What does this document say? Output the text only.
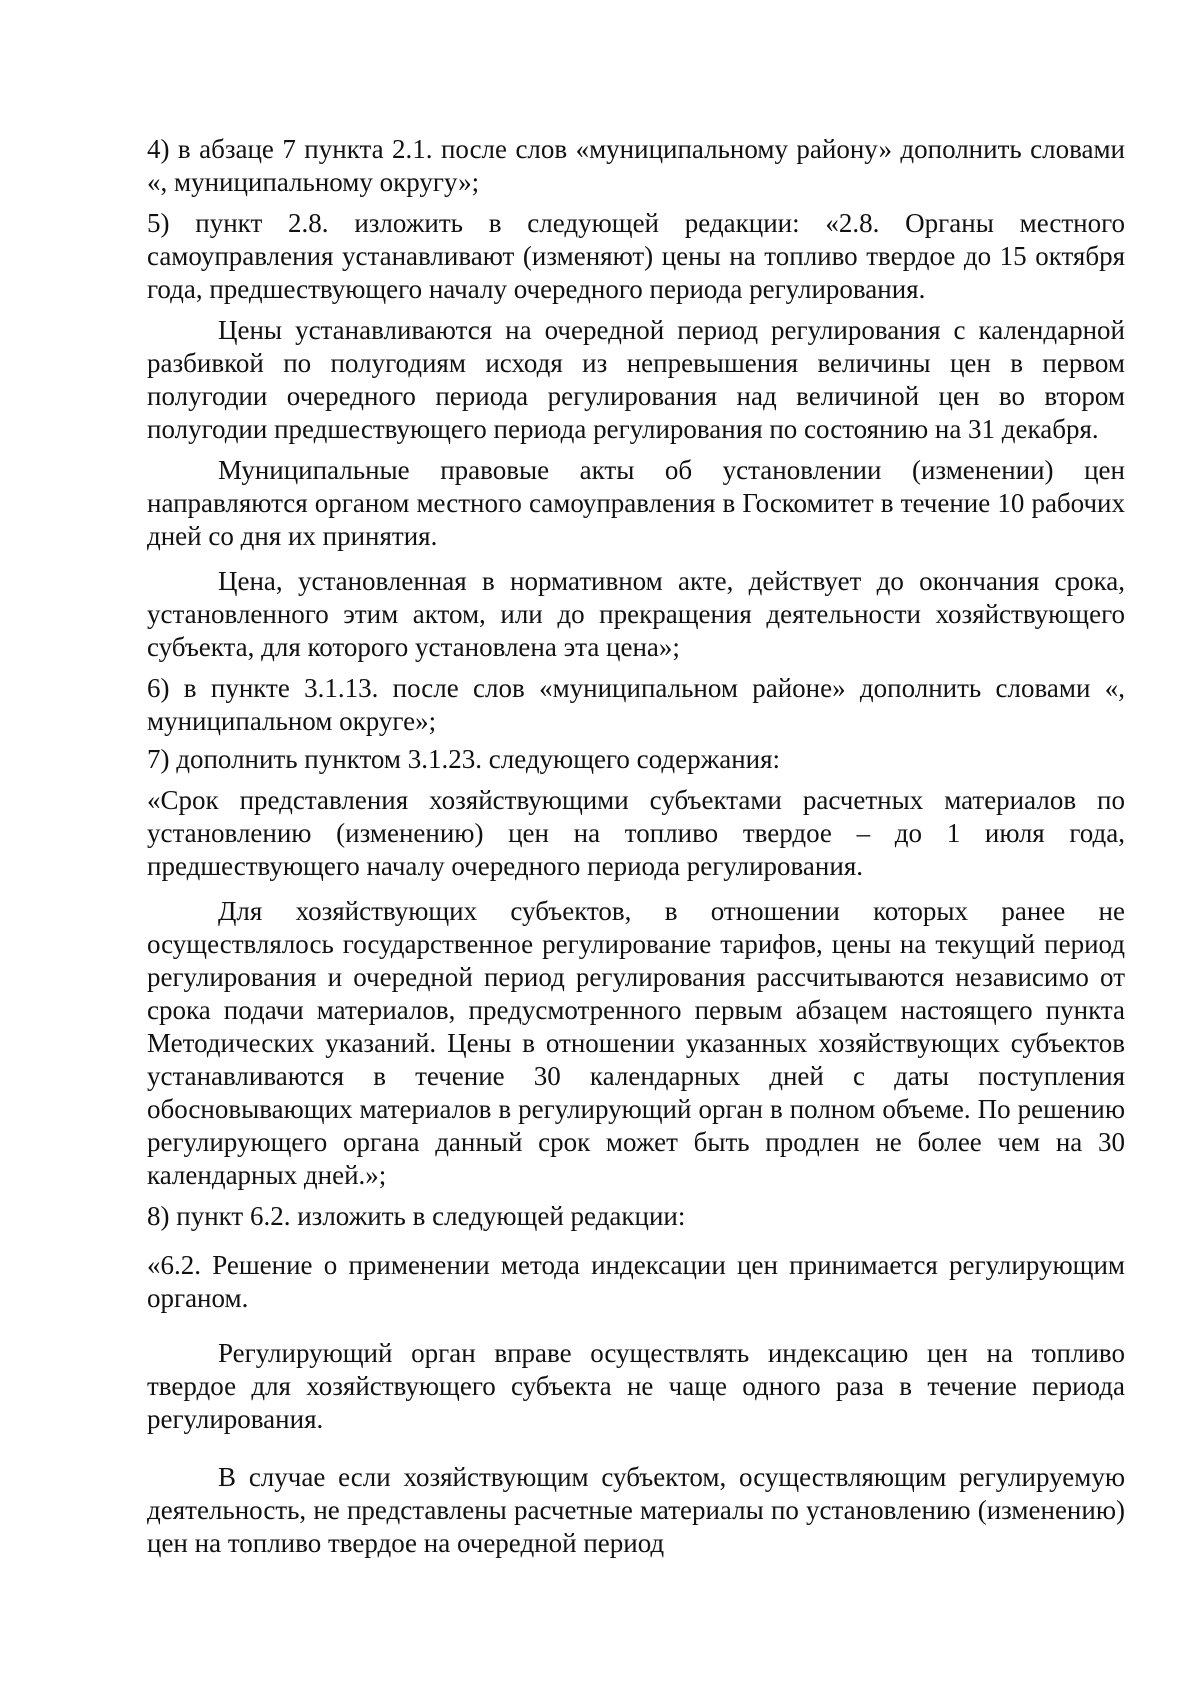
4) в абзаце 7 пункта 2.1. после слов «муниципальному району» дополнить словами «, муниципальному округу»;

5) пункт 2.8. изложить в следующей редакции: «2.8. Органы местного самоуправления устанавливают (изменяют) цены на топливо твердое до 15 октября года, предшествующего началу очередного периода регулирования.

Цены устанавливаются на очередной период регулирования с календарной разбивкой по полугодиям исходя из непревышения величины цен в первом полугодии очередного периода регулирования над величиной цен во втором полугодии предшествующего периода регулирования по состоянию на 31 декабря.

Муниципальные правовые акты об установлении (изменении) цен направляются органом местного самоуправления в Госкомитет в течение 10 рабочих дней со дня их принятия.

Цена, установленная в нормативном акте, действует до окончания срока, установленного этим актом, или до прекращения деятельности хозяйствующего субъекта, для которого установлена эта цена»;

6) в пункте 3.1.13. после слов «муниципальном районе» дополнить словами «, муниципальном округе»;

7) дополнить пунктом 3.1.23. следующего содержания:

«Срок представления хозяйствующими субъектами расчетных материалов по установлению (изменению) цен на топливо твердое – до 1 июля года, предшествующего началу очередного периода регулирования.

Для хозяйствующих субъектов, в отношении которых ранее не осуществлялось государственное регулирование тарифов, цены на текущий период регулирования и очередной период регулирования рассчитываются независимо от срока подачи материалов, предусмотренного первым абзацем настоящего пункта Методических указаний. Цены в отношении указанных хозяйствующих субъектов устанавливаются в течение 30 календарных дней с даты поступления обосновывающих материалов в регулирующий орган в полном объеме. По решению регулирующего органа данный срок может быть продлен не более чем на 30 календарных дней.»;

8) пункт 6.2. изложить в следующей редакции:

«6.2. Решение о применении метода индексации цен принимается регулирующим органом.

Регулирующий орган вправе осуществлять индексацию цен на топливо твердое для хозяйствующего субъекта не чаще одного раза в течение периода регулирования.

В случае если хозяйствующим субъектом, осуществляющим регулируемую деятельность, не представлены расчетные материалы по установлению (изменению) цен на топливо твердое на очередной период
